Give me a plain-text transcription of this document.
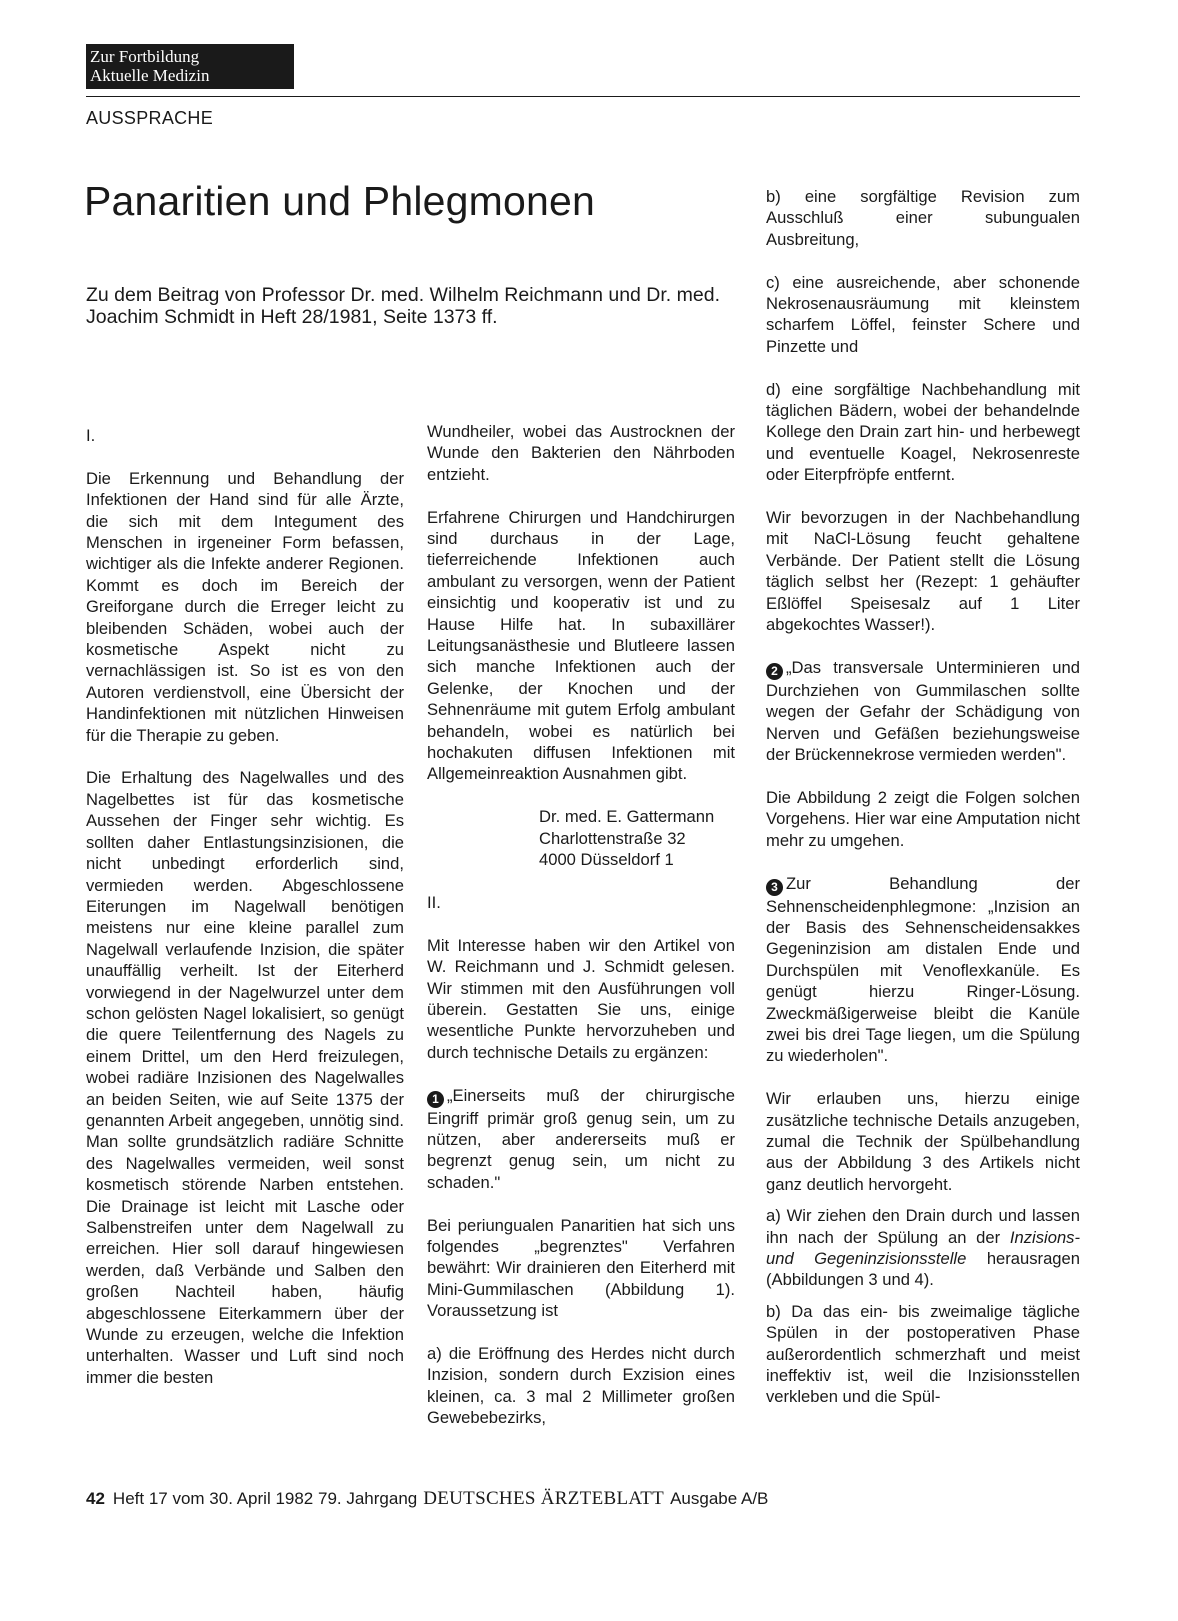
Zur Fortbildung
Aktuelle Medizin
AUSSPRACHE
Panaritien und Phlegmonen
Zu dem Beitrag von Professor Dr. med. Wilhelm Reichmann und Dr. med. Joachim Schmidt in Heft 28/1981, Seite 1373 ff.

I.

Die Erkennung und Behandlung der Infektionen der Hand sind für alle Ärzte, die sich mit dem Integument des Menschen in irgeneiner Form befassen, wichtiger als die Infekte anderer Regionen. Kommt es doch im Bereich der Greiforgane durch die Erreger leicht zu bleibenden Schäden, wobei auch der kosmetische Aspekt nicht zu vernachlässigen ist. So ist es von den Autoren verdienstvoll, eine Übersicht der Handinfektionen mit nützlichen Hinweisen für die Therapie zu geben.

Die Erhaltung des Nagelwalles und des Nagelbettes ist für das kosmetische Aussehen der Finger sehr wichtig. Es sollten daher Entlastungsinzisionen, die nicht unbedingt erforderlich sind, vermieden werden. Abgeschlossene Eiterungen im Nagelwall benötigen meistens nur eine kleine parallel zum Nagelwall verlaufende Inzision, die später unauffällig verheilt. Ist der Eiterherd vorwiegend in der Nagelwurzel unter dem schon gelösten Nagel lokalisiert, so genügt die quere Teilentfernung des Nagels zu einem Drittel, um den Herd freizulegen, wobei radiäre Inzisionen des Nagelwalles an beiden Seiten, wie auf Seite 1375 der genannten Arbeit angegeben, unnötig sind. Man sollte grundsätzlich radiäre Schnitte des Nagelwalles vermeiden, weil sonst kosmetisch störende Narben entstehen. Die Drainage ist leicht mit Lasche oder Salbenstreifen unter dem Nagelwall zu erreichen. Hier soll darauf hingewiesen werden, daß Verbände und Salben den großen Nachteil haben, häufig abgeschlossene Eiterkammern über der Wunde zu erzeugen, welche die Infektion unterhalten. Wasser und Luft sind noch immer die besten

Wundheiler, wobei das Austrocknen der Wunde den Bakterien den Nährboden entzieht.

Erfahrene Chirurgen und Handchirurgen sind durchaus in der Lage, tieferreichende Infektionen auch ambulant zu versorgen, wenn der Patient einsichtig und kooperativ ist und zu Hause Hilfe hat. In subaxillärer Leitungsanästhesie und Blutleere lassen sich manche Infektionen auch der Gelenke, der Knochen und der Sehnenräume mit gutem Erfolg ambulant behandeln, wobei es natürlich bei hochakuten diffusen Infektionen mit Allgemeinreaktion Ausnahmen gibt.

Dr. med. E. Gattermann
Charlottenstraße 32
4000 Düsseldorf 1

II.

Mit Interesse haben wir den Artikel von W. Reichmann und J. Schmidt gelesen. Wir stimmen mit den Ausführungen voll überein. Gestatten Sie uns, einige wesentliche Punkte hervorzuheben und durch technische Details zu ergänzen:

1 „Einerseits muß der chirurgische Eingriff primär groß genug sein, um zu nützen, aber andererseits muß er begrenzt genug sein, um nicht zu schaden."

Bei periungualen Panaritien hat sich uns folgendes „begrenztes" Verfahren bewährt: Wir drainieren den Eiterherd mit Mini-Gummilaschen (Abbildung 1). Voraussetzung ist

a) die Eröffnung des Herdes nicht durch Inzision, sondern durch Exzision eines kleinen, ca. 3 mal 2 Millimeter großen Gewebebezirks,

b) eine sorgfältige Revision zum Ausschluß einer subungualen Ausbreitung,

c) eine ausreichende, aber schonende Nekrosenausräumung mit kleinstem scharfem Löffel, feinster Schere und Pinzette und

d) eine sorgfältige Nachbehandlung mit täglichen Bädern, wobei der behandelnde Kollege den Drain zart hin- und herbewegt und eventuelle Koagel, Nekrosenreste oder Eiterpfröpfe entfernt.

Wir bevorzugen in der Nachbehandlung mit NaCl-Lösung feucht gehaltene Verbände. Der Patient stellt die Lösung täglich selbst her (Rezept: 1 gehäufter Eßlöffel Speisesalz auf 1 Liter abgekochtes Wasser!).

2 „Das transversale Unterminieren und Durchziehen von Gummilaschen sollte wegen der Gefahr der Schädigung von Nerven und Gefäßen beziehungsweise der Brückennekrose vermieden werden".

Die Abbildung 2 zeigt die Folgen solchen Vorgehens. Hier war eine Amputation nicht mehr zu umgehen.

3 Zur Behandlung der Sehnenscheidenphlegmone: „Inzision an der Basis des Sehnenscheidensakkes Gegeninzision am distalen Ende und Durchspülen mit Venoflexkanüle. Es genügt hierzu Ringer-Lösung. Zweckmäßigerweise bleibt die Kanüle zwei bis drei Tage liegen, um die Spülung zu wiederholen".

Wir erlauben uns, hierzu einige zusätzliche technische Details anzugeben, zumal die Technik der Spülbehandlung aus der Abbildung 3 des Artikels nicht ganz deutlich hervorgeht.

a) Wir ziehen den Drain durch und lassen ihn nach der Spülung an der Inzisions- und Gegeninzisionsstelle herausragen (Abbildungen 3 und 4).

b) Da das ein- bis zweimalige tägliche Spülen in der postoperativen Phase außerordentlich schmerzhaft und meist ineffektiv ist, weil die Inzisionsstellen verkleben und die Spül-

42 Heft 17 vom 30. April 1982 79. Jahrgang DEUTSCHES ÄRZTEBLATT Ausgabe A/B
